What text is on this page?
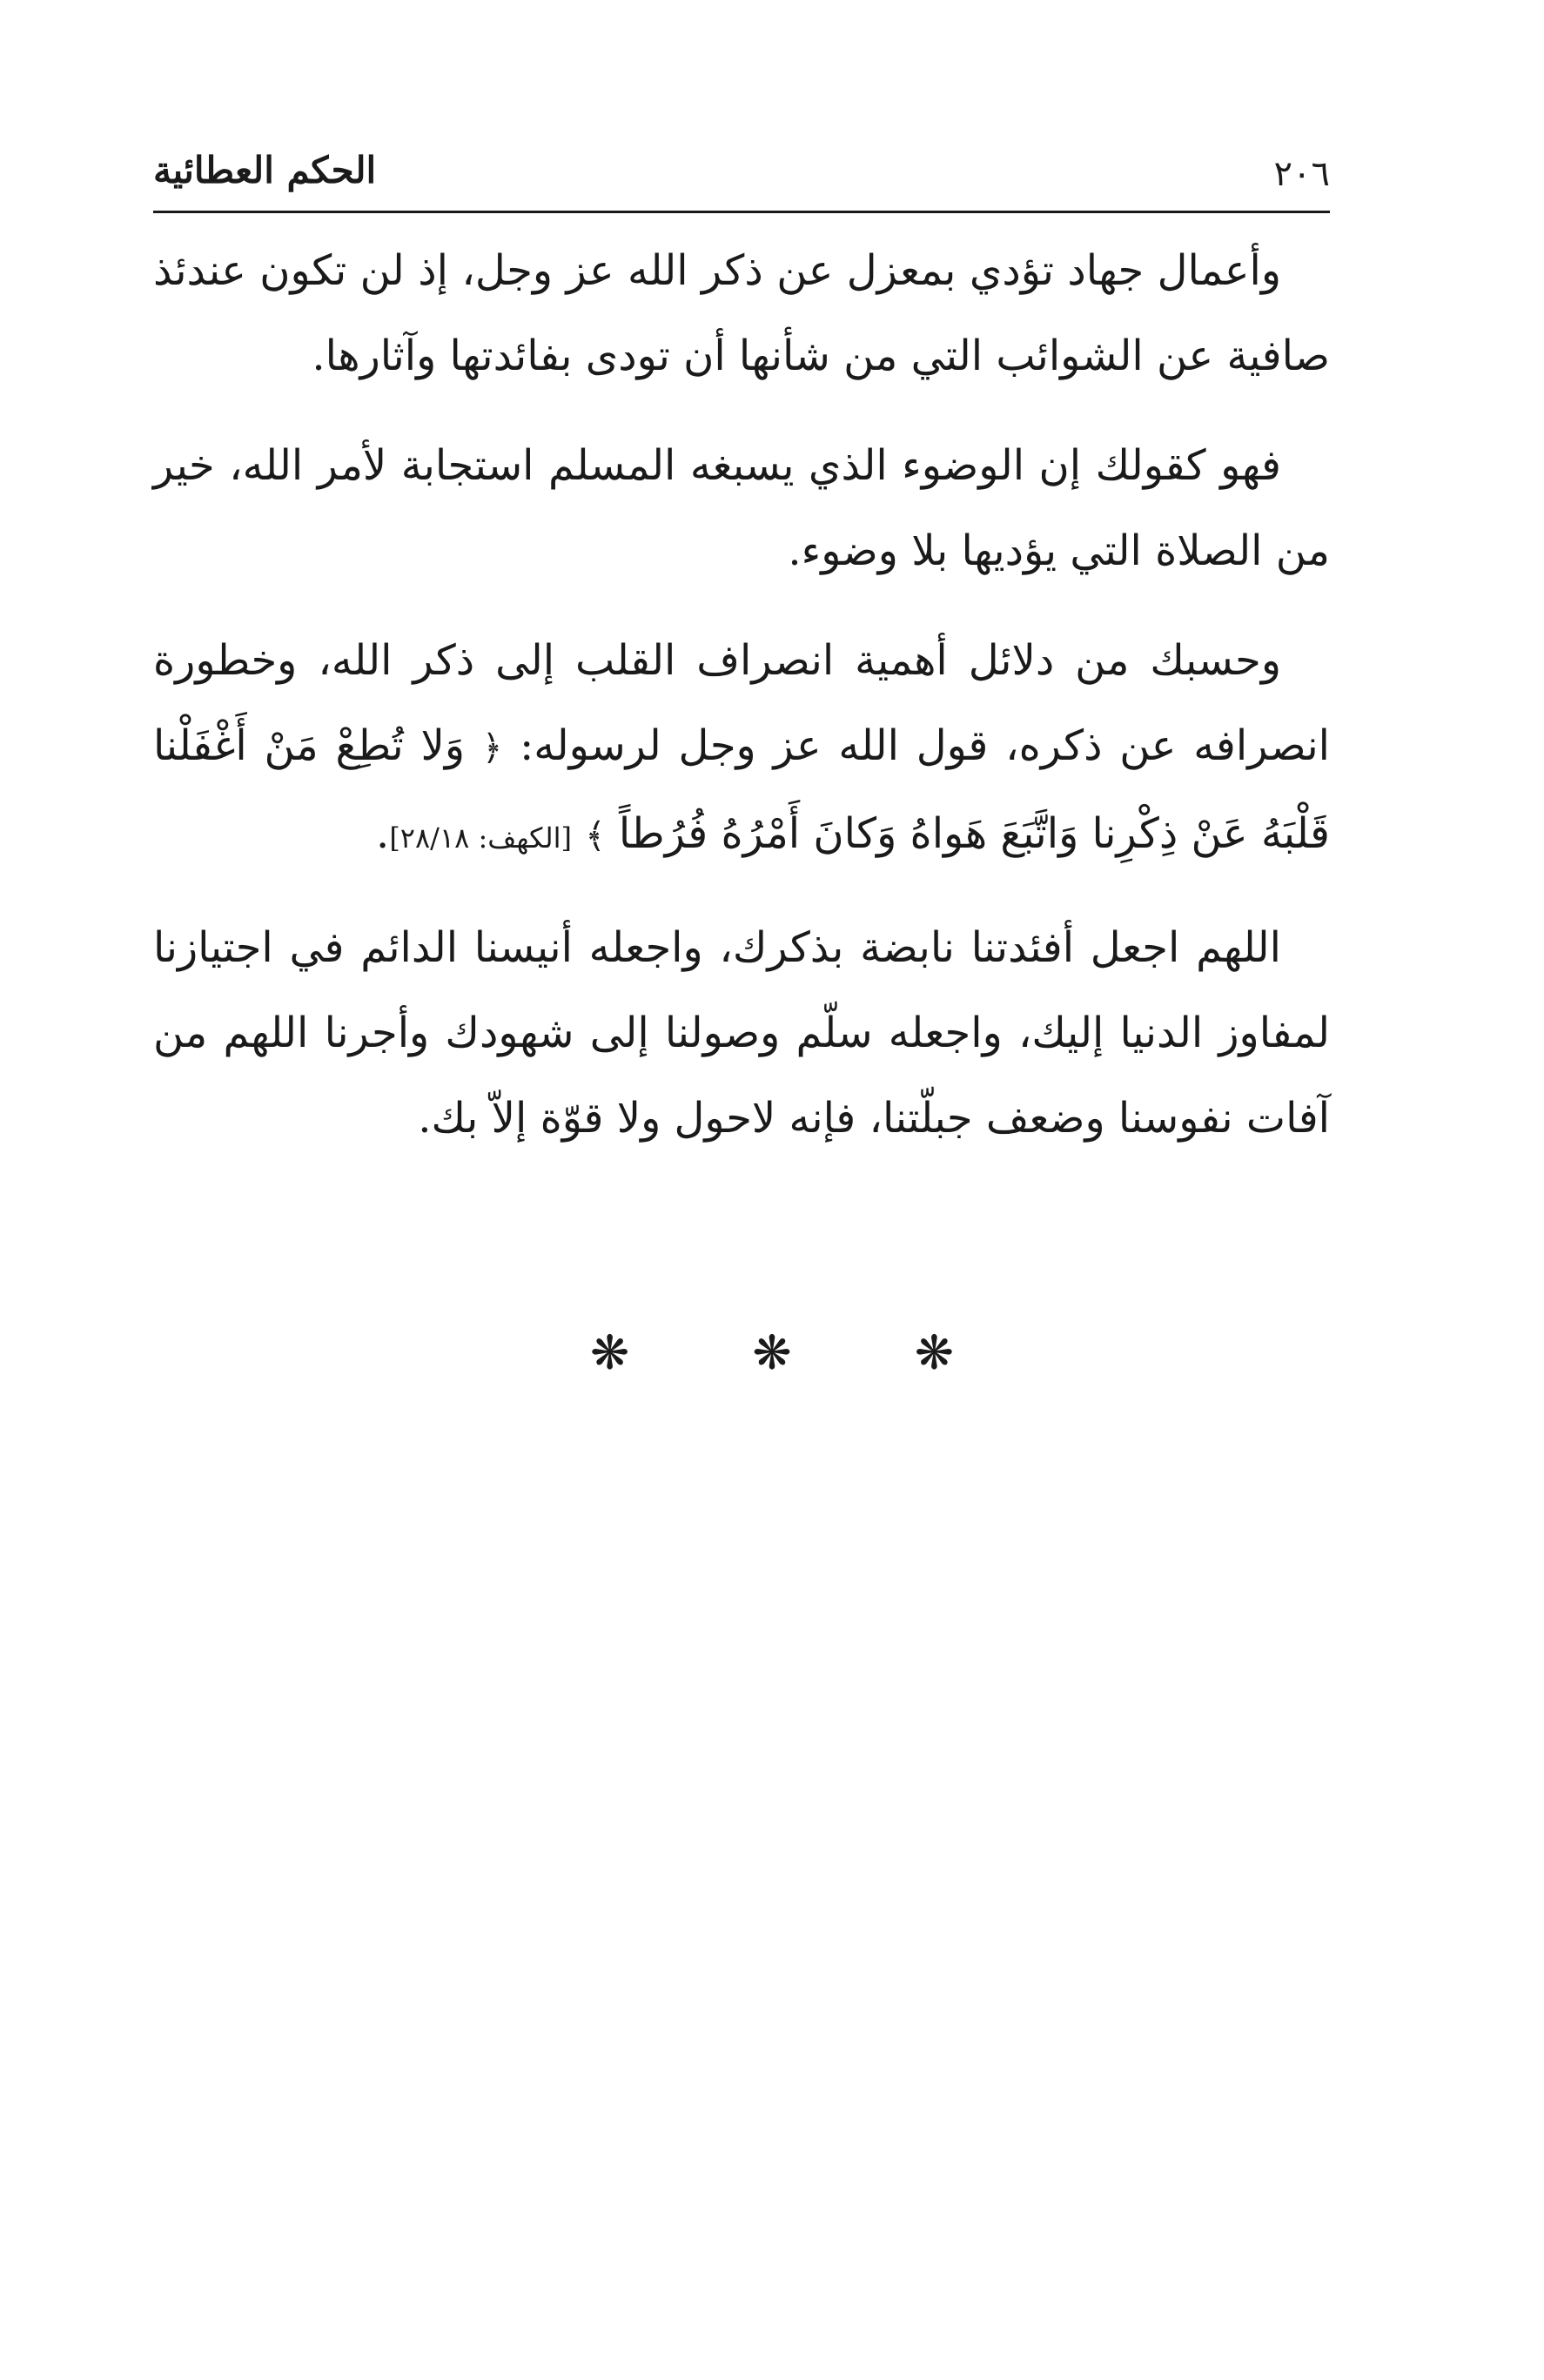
٢٠٦
الحكم العطائية

وأعمال جهاد تؤدي بمعزل عن ذكر الله عز وجل، إذ لن تكون عندئذ صافية عن الشوائب التي من شأنها أن تودى بفائدتها وآثارها.

فهو كقولك إن الوضوء الذي يسبغه المسلم استجابة لأمر الله، خير من الصلاة التي يؤديها بلا وضوء.

وحسبك من دلائل أهمية انصراف القلب إلى ذكر الله، وخطورة انصرافه عن ذكره، قول الله عز وجل لرسوله: ﴿ وَلا تُطِعْ مَنْ أَغْفَلْنا قَلْبَهُ عَنْ ذِكْرِنا وَاتَّبَعَ هَواهُ وَكانَ أَمْرُهُ فُرُطاً ﴾ [الكهف: ٢٨/١٨].

اللهم اجعل أفئدتنا نابضة بذكرك، واجعله أنيسنا الدائم في اجتيازنا لمفاوز الدنيا إليك، واجعله سلّم وصولنا إلى شهودك وأجرنا اللهم من آفات نفوسنا وضعف جبلّتنا، فإنه لاحول ولا قوّة إلاّ بك.

❋	❋	❋
